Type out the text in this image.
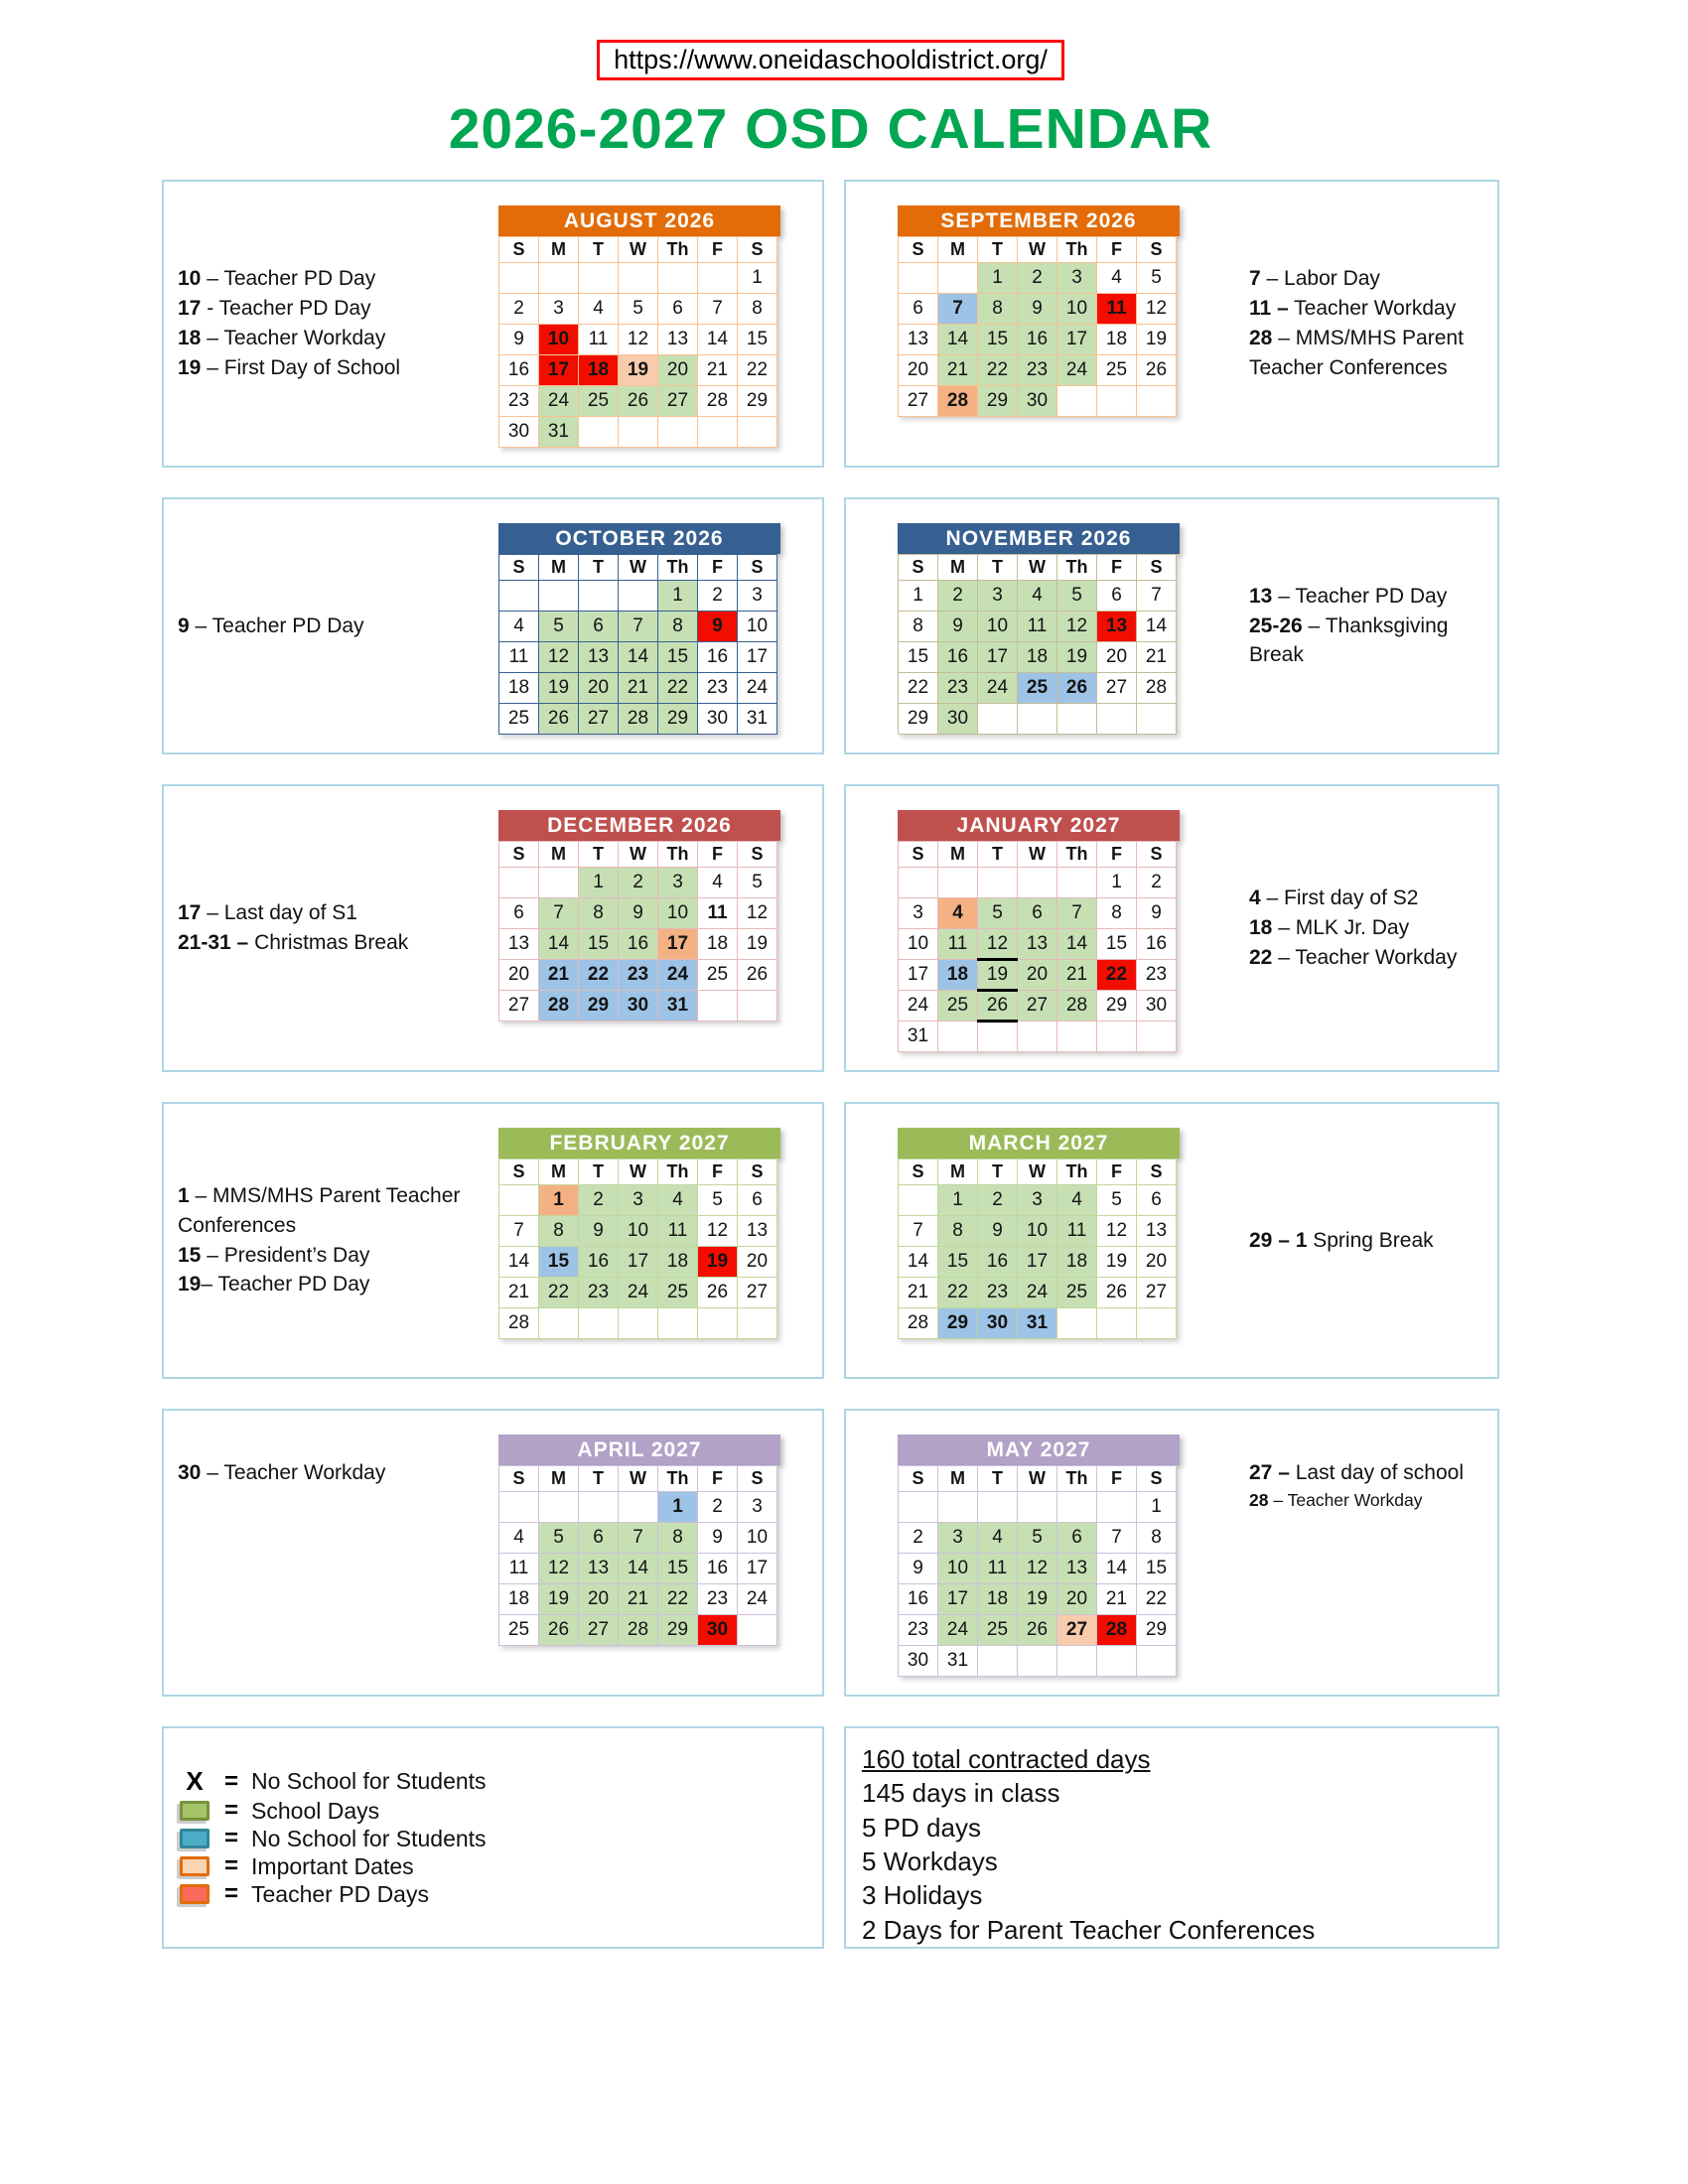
https://www.oneidaschooldistrict.org/
2026-2027 OSD CALENDAR
10 – Teacher PD Day
17 - Teacher PD Day
18 – Teacher Workday
19 – First Day of School
AUGUST 2026
S	M	T	W	Th	F	S
						1
2	3	4	5	6	7	8
9	10	11	12	13	14	15
16	17	18	19	20	21	22
23	24	25	26	27	28	29
30	31					
SEPTEMBER 2026
S	M	T	W	Th	F	S
		1	2	3	4	5
6	7	8	9	10	11	12
13	14	15	16	17	18	19
20	21	22	23	24	25	26
27	28	29	30			
7 – Labor Day
11 – Teacher Workday
28 – MMS/MHS Parent Teacher Conferences
9 – Teacher PD Day
OCTOBER 2026
S	M	T	W	Th	F	S
				1	2	3
4	5	6	7	8	9	10
11	12	13	14	15	16	17
18	19	20	21	22	23	24
25	26	27	28	29	30	31
NOVEMBER 2026
S	M	T	W	Th	F	S
1	2	3	4	5	6	7
8	9	10	11	12	13	14
15	16	17	18	19	20	21
22	23	24	25	26	27	28
29	30					
13 – Teacher PD Day
25-26 – Thanksgiving Break
17 – Last day of S1
21-31 – Christmas Break
DECEMBER 2026
S	M	T	W	Th	F	S
		1	2	3	4	5
6	7	8	9	10	11	12
13	14	15	16	17	18	19
20	21	22	23	24	25	26
27	28	29	30	31		
JANUARY 2027
S	M	T	W	Th	F	S
					1	2
3	4	5	6	7	8	9
10	11	12	13	14	15	16
17	18	19	20	21	22	23
24	25	26	27	28	29	30
31						
4 – First day of S2
18 – MLK Jr. Day
22 – Teacher Workday
1 – MMS/MHS Parent Teacher Conferences
15 – President’s Day
19– Teacher PD Day
FEBRUARY 2027
S	M	T	W	Th	F	S
	1	2	3	4	5	6
7	8	9	10	11	12	13
14	15	16	17	18	19	20
21	22	23	24	25	26	27
28						
MARCH 2027
S	M	T	W	Th	F	S
	1	2	3	4	5	6
7	8	9	10	11	12	13
14	15	16	17	18	19	20
21	22	23	24	25	26	27
28	29	30	31			
29 – 1 Spring Break
30 – Teacher Workday
APRIL 2027
S	M	T	W	Th	F	S
				1	2	3
4	5	6	7	8	9	10
11	12	13	14	15	16	17
18	19	20	21	22	23	24
25	26	27	28	29	30	
MAY 2027
S	M	T	W	Th	F	S
						1
2	3	4	5	6	7	8
9	10	11	12	13	14	15
16	17	18	19	20	21	22
23	24	25	26	27	28	29
30	31					
27 – Last day of school
28 – Teacher Workday
X = No School for Students
= School Days
= No School for Students
= Important Dates
= Teacher PD Days
160 total contracted days
145 days in class
5 PD days
5 Workdays
3 Holidays
2 Days for Parent Teacher Conferences
